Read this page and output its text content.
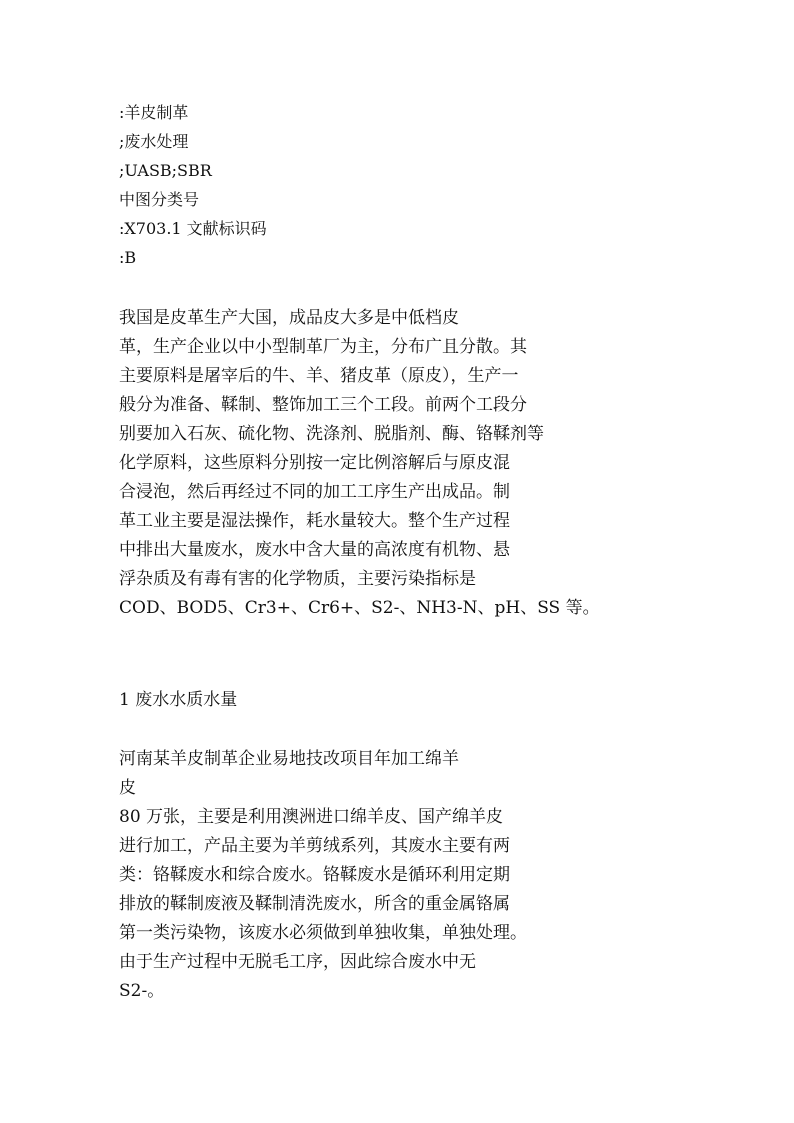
:羊皮制革
;废水处理
;UASB;SBR
中图分类号
:X703.1 文献标识码
:B
我国是皮革生产大国，成品皮大多是中低档皮
革，生产企业以中小型制革厂为主，分布广且分散。其
主要原料是屠宰后的牛、羊、猪皮革（原皮），生产一
般分为准备、鞣制、整饰加工三个工段。前两个工段分
别要加入石灰、硫化物、洗涤剂、脱脂剂、酶、铬鞣剂等
化学原料，这些原料分别按一定比例溶解后与原皮混
合浸泡，然后再经过不同的加工工序生产出成品。制
革工业主要是湿法操作，耗水量较大。整个生产过程
中排出大量废水，废水中含大量的高浓度有机物、悬
浮杂质及有毒有害的化学物质，主要污染指标是
COD、BOD5、Cr3+、Cr6+、S2-、NH3-N、pH、SS 等。
1 废水水质水量
河南某羊皮制革企业易地技改项目年加工绵羊
皮
80 万张，主要是利用澳洲进口绵羊皮、国产绵羊皮
进行加工，产品主要为羊剪绒系列，其废水主要有两
类：铬鞣废水和综合废水。铬鞣废水是循环利用定期
排放的鞣制废液及鞣制清洗废水，所含的重金属铬属
第一类污染物，该废水必须做到单独收集，单独处理。
由于生产过程中无脱毛工序，因此综合废水中无
S2-。
